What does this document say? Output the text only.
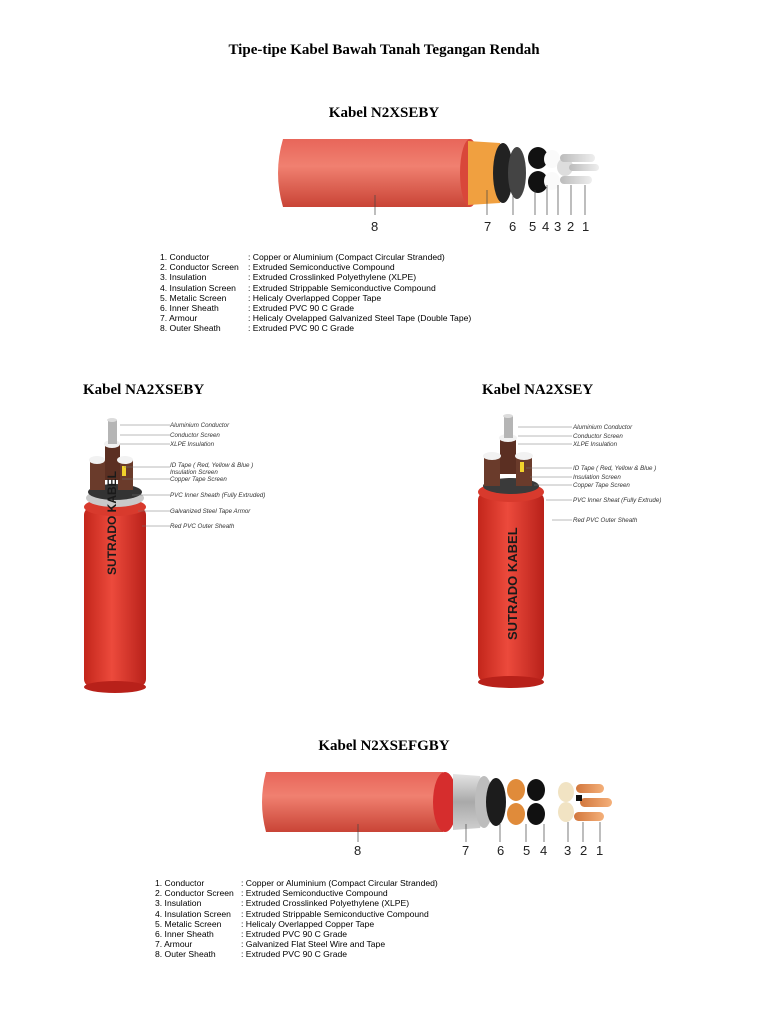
Tipe-tipe Kabel Bawah Tanah Tegangan Rendah
Kabel N2XSEBY
8	7 6 5 4 3 2 1
1. Conductor	: Copper or Aluminium (Compact Circular Stranded)
2. Conductor Screen	: Extruded Semiconductive Compound
3. Insulation	: Extruded Crosslinked Polyethylene (XLPE)
4. Insulation Screen	: Extruded Strippable Semiconductive Compound
5. Metalic Screen	: Helicaly Overlapped Copper Tape
6. Inner Sheath	: Extruded PVC 90 C Grade
7. Armour	: Helicaly Ovelapped Galvanized Steel Tape (Double Tape)
8. Outer Sheath	: Extruded PVC 90 C Grade
Kabel NA2XSEBY
SUTRADO KABEL
Aluminium Conductor
Conductor Screen
XLPE Insulation
ID Tape ( Red, Yellow & Blue )
Insulation Screen
Copper Tape Screen
PVC Inner Sheath (Fully Extruded)
Galvanized Steel Tape Armor
Red PVC Outer Sheath
Kabel NA2XSEY
SUTRADO KABEL
Aluminium Conductor
Conductor Screen
XLPE Insulation
ID Tape ( Red, Yellow & Blue )
Insulation Screen
Copper Tape Screen
PVC Inner Sheat (Fully Extrude)
Red PVC Outer Sheath
Kabel N2XSEFGBY
8	7 6 5 4 3 2 1
1. Conductor	: Copper or Aluminium (Compact Circular Stranded)
2. Conductor Screen : Extruded Semiconductive Compound
3. Insulation	: Extruded Crosslinked Polyethylene (XLPE)
4. Insulation Screen	: Extruded Strippable Semiconductive Compound
5. Metalic Screen	: Helicaly Overlapped Copper Tape
6. Inner Sheath	: Extruded PVC 90 C Grade
7. Armour	: Galvanized Flat Steel Wire and Tape
8. Outer Sheath	: Extruded PVC 90 C Grade
